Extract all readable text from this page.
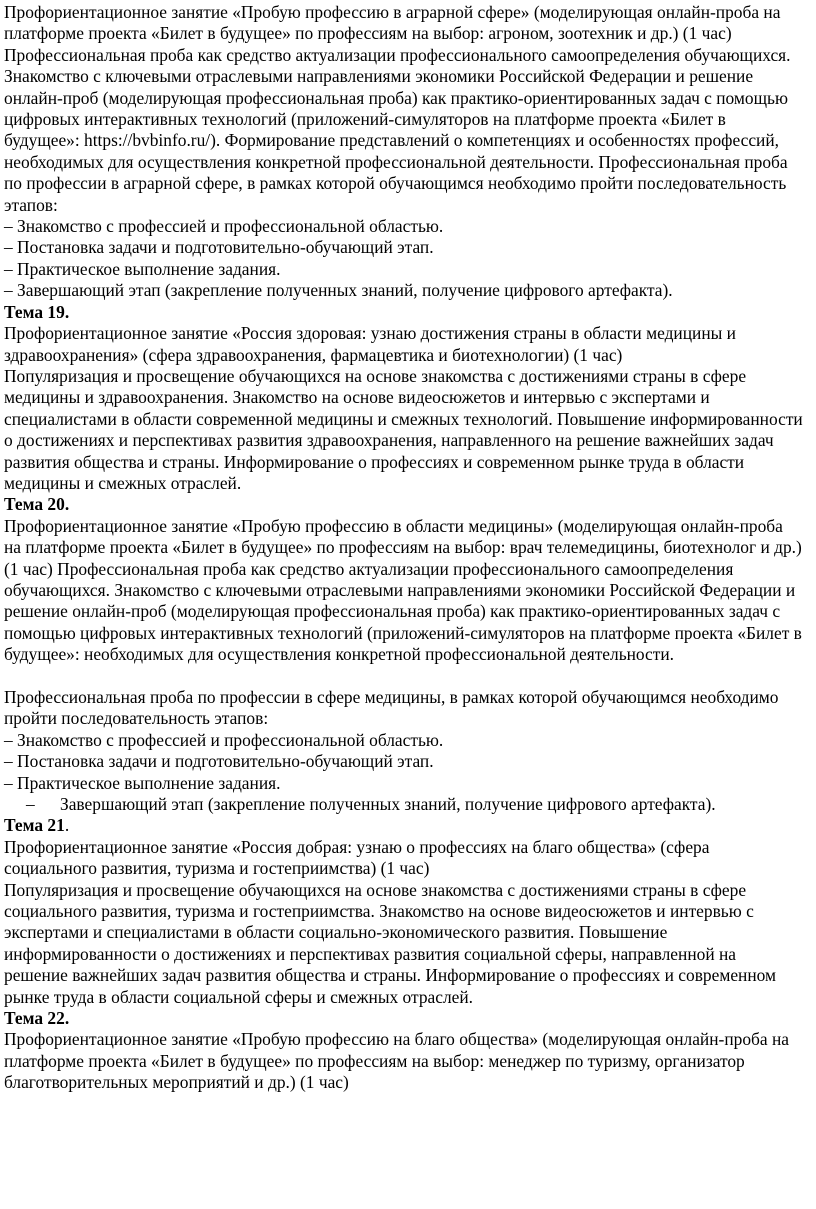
Профориентационное занятие «Пробую профессию в аграрной сфере» (моделирующая онлайн-проба на платформе проекта «Билет в будущее» по профессиям на выбор: агроном, зоотехник и др.) (1 час)

Профессиональная проба как средство актуализации профессионального самоопределения обучающихся. Знакомство с ключевыми отраслевыми направлениями экономики Российской Федерации и решение онлайн-проб (моделирующая профессиональная проба) как практико-ориентированных задач с помощью цифровых интерактивных технологий (приложений-симуляторов на платформе проекта «Билет в будущее»: https://bvbinfo.ru/). Формирование представлений о компетенциях и особенностях профессий, необходимых для осуществления конкретной профессиональной деятельности. Профессиональная проба по профессии в аграрной сфере, в рамках которой обучающимся необходимо пройти последовательность этапов:

– Знакомство с профессией и профессиональной областью.

– Постановка задачи и подготовительно-обучающий этап.

– Практическое выполнение задания.

– Завершающий этап (закрепление полученных знаний, получение цифрового артефакта).

Тема 19.

Профориентационное занятие «Россия здоровая: узнаю достижения страны в области медицины и здравоохранения» (сфера здравоохранения, фармацевтика и биотехнологии) (1 час)

Популяризация и просвещение обучающихся на основе знакомства с достижениями страны в сфере медицины и здравоохранения. Знакомство на основе видеосюжетов и интервью с экспертами и специалистами в области современной медицины и смежных технологий. Повышение информированности о достижениях и перспективах развития здравоохранения, направленного на решение важнейших задач развития общества и страны. Информирование о профессиях и современном рынке труда в области медицины и смежных отраслей.

Тема 20.

Профориентационное занятие «Пробую профессию в области медицины» (моделирующая онлайн-проба на платформе проекта «Билет в будущее» по профессиям на выбор: врач телемедицины, биотехнолог и др.) (1 час) Профессиональная проба как средство актуализации профессионального самоопределения обучающихся. Знакомство с ключевыми отраслевыми направлениями экономики Российской Федерации и решение онлайн-проб (моделирующая профессиональная проба) как практико-ориентированных задач с помощью цифровых интерактивных технологий (приложений-симуляторов на платформе проекта «Билет в будущее»: необходимых для осуществления конкретной профессиональной деятельности.

Профессиональная проба по профессии в сфере медицины, в рамках которой обучающимся необходимо пройти последовательность этапов:

– Знакомство с профессией и профессиональной областью.

– Постановка задачи и подготовительно-обучающий этап.

– Практическое выполнение задания.

–	Завершающий этап (закрепление полученных знаний, получение цифрового артефакта).

Тема 21.

Профориентационное занятие «Россия добрая: узнаю о профессиях на благо общества» (сфера социального развития, туризма и гостеприимства) (1 час)

Популяризация и просвещение обучающихся на основе знакомства с достижениями страны в сфере социального развития, туризма и гостеприимства. Знакомство на основе видеосюжетов и интервью с экспертами и специалистами в области социально-экономического развития. Повышение информированности о достижениях и перспективах развития социальной сферы, направленной на решение важнейших задач развития общества и страны. Информирование о профессиях и современном рынке труда в области социальной сферы и смежных отраслей.

Тема 22.

Профориентационное занятие «Пробую профессию на благо общества» (моделирующая онлайн-проба на платформе проекта «Билет в будущее» по профессиям на выбор: менеджер по туризму, организатор благотворительных мероприятий и др.) (1 час)
